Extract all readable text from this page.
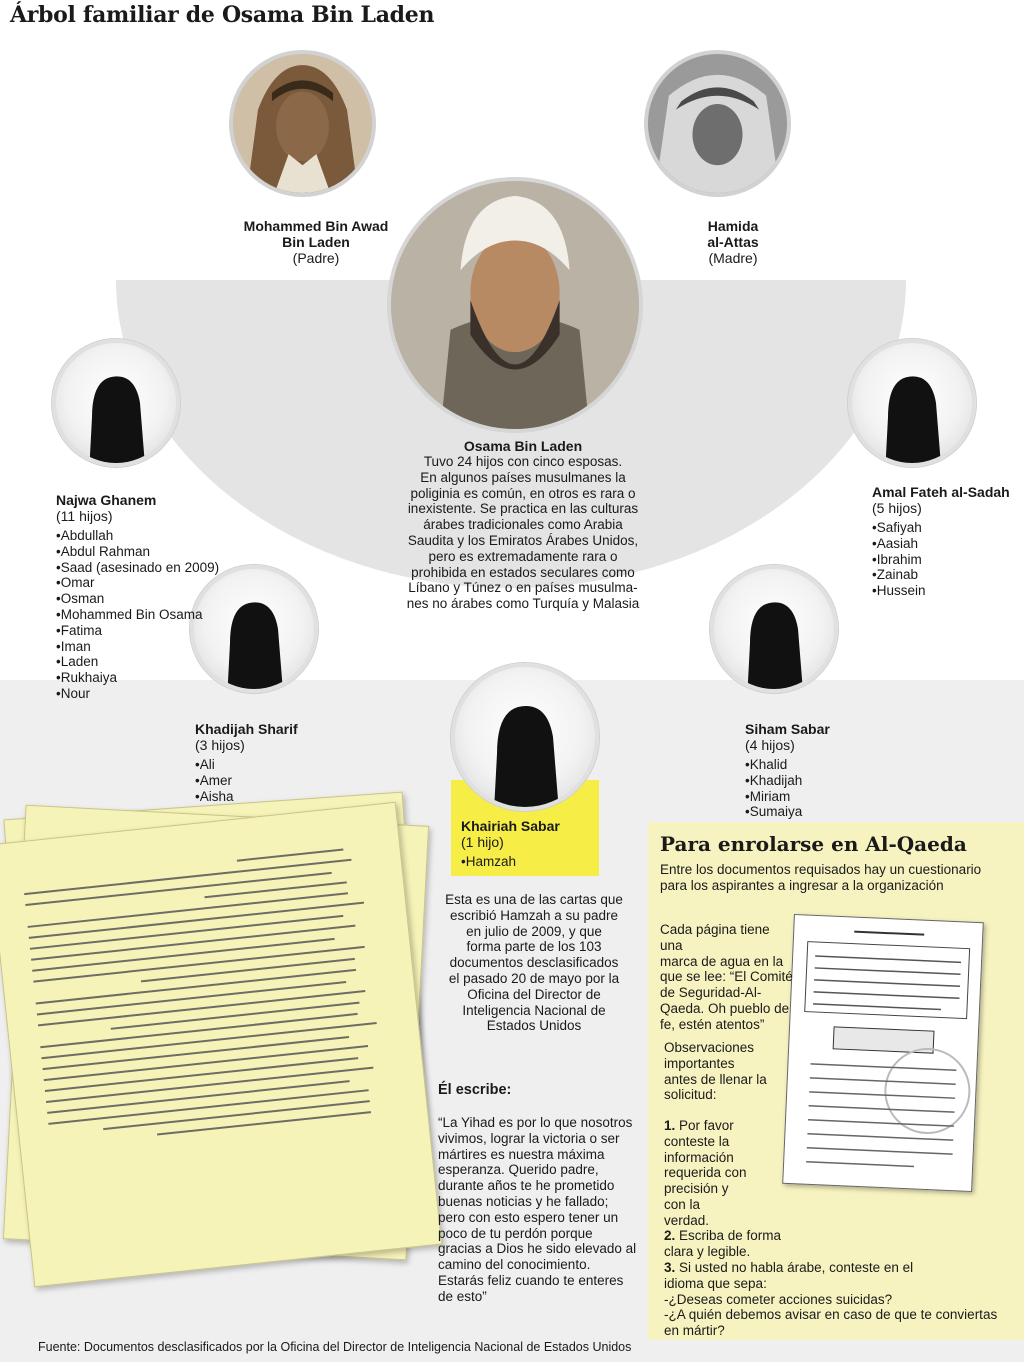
Árbol familiar de Osama Bin Laden
Mohammed Bin Awad
Bin Laden
(Padre)
Hamida
al-Attas
(Madre)
Osama Bin Laden
Tuvo 24 hijos con cinco esposas.
En algunos países musulmanes la
poliginia es común, en otros es rara o
inexistente. Se practica en las culturas
árabes tradicionales como Arabia
Saudita y los Emiratos Árabes Unidos,
pero es extremadamente rara o
prohibida en estados seculares como
Líbano y Túnez o en países musulma-
nes no árabes como Turquía y Malasia
Najwa Ghanem
(11 hijos)
•Abdullah
•Abdul Rahman
•Saad (asesinado en 2009)
•Omar
•Osman
•Mohammed Bin Osama
•Fatima
•Iman
•Laden
•Rukhaiya
•Nour
Amal Fateh al-Sadah
(5 hijos)
•Safiyah
•Aasiah
•Ibrahim
•Zainab
•Hussein
Khadijah Sharif
(3 hijos)
•Ali
•Amer
•Aisha
Siham Sabar
(4 hijos)
•Khalid
•Khadijah
•Miriam
•Sumaiya
Khairiah Sabar
(1 hijo)
•Hamzah
Esta es una de las cartas que
escribió Hamzah a su padre
en julio de 2009, y que
forma parte de los 103
documentos desclasificados
el pasado 20 de mayo por la
Oficina del Director de
Inteligencia Nacional de
Estados Unidos
Él escribe:
“La Yihad es por lo que nosotros
vivimos, lograr la victoria o ser
mártires es nuestra máxima
esperanza. Querido padre,
durante años te he prometido
buenas noticias y he fallado;
pero con esto espero tener un
poco de tu perdón porque
gracias a Dios he sido elevado al
camino del conocimiento.
Estarás feliz cuando te enteres
de esto”
Para enrolarse en Al-Qaeda
Entre los documentos requisados hay un cuestionario
para los aspirantes a ingresar a la organización
Cada página tiene una
marca de agua en la
que se lee: “El Comité
de Seguridad-Al-
Qaeda. Oh pueblo de
fe, estén atentos”
Observaciones
importantes
antes de llenar la
solicitud:
1. Por favor
conteste la
información
requerida con
precisión y
con la
verdad.
2. Escriba de forma
clara y legible.
3. Si usted no habla árabe, conteste en el
idioma que sepa:
-¿Deseas cometer acciones suicidas?
-¿A quién debemos avisar en caso de que te conviertas
en mártir?
Fuente: Documentos desclasificados por la Oficina del Director de Inteligencia Nacional de Estados Unidos
